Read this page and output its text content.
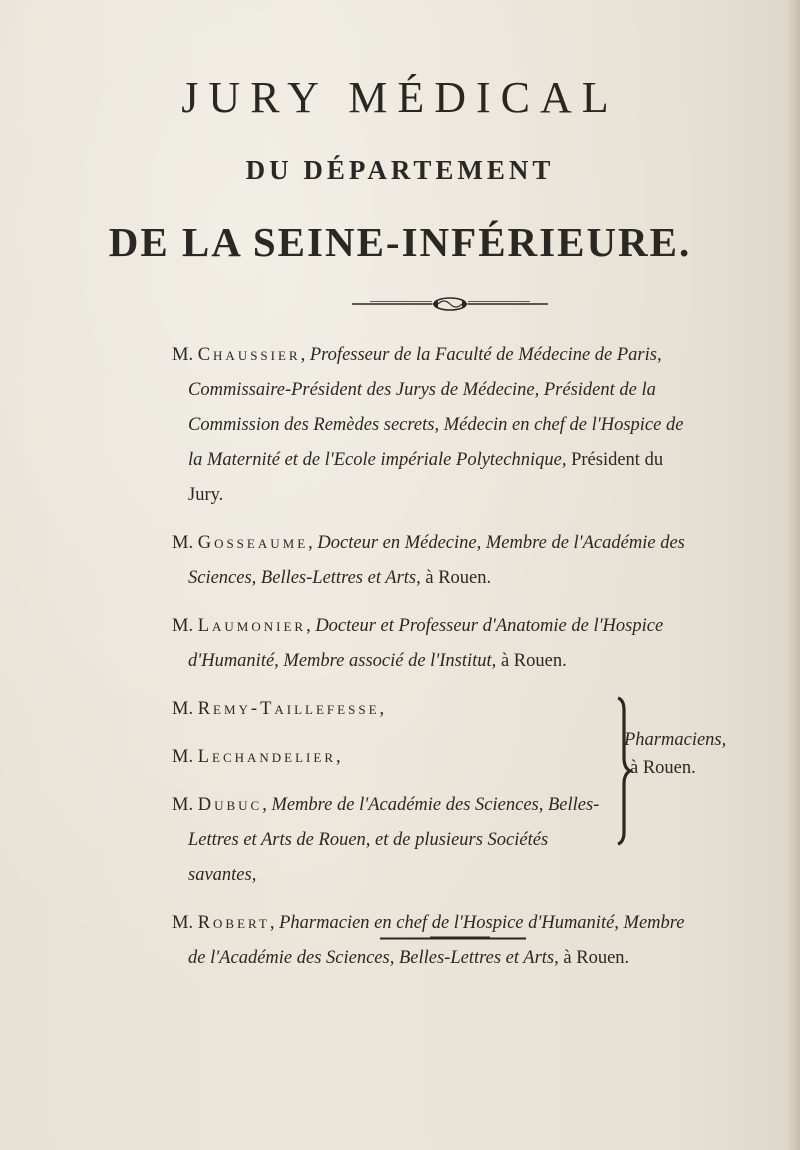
JURY MÉDICAL
DU DÉPARTEMENT
DE LA SEINE-INFÉRIEURE.

M. Chaussier, Professeur de la Faculté de Médecine de Paris,
Commissaire-Président des Jurys de Médecine, Président de la
Commission des Remèdes secrets, Médecin en chef de l'Hospice de
la Maternité et de l'Ecole impériale Polytechnique, Président du
Jury.

M. Gosseaume, Docteur en Médecine, Membre de l'Académie des
Sciences, Belles-Lettres et Arts, à Rouen.

M. Laumonier, Docteur et Professeur d'Anatomie de l'Hospice
d'Humanité, Membre associé de l'Institut, à Rouen.

M. Remy-Taillefesse,

M. Lechandelier,

M. Dubuc, Membre de l'Académie des Sciences, Belles-
Lettres et Arts de Rouen, et de plusieurs Sociétés
savantes,

Pharmaciens,
à Rouen.

M. Robert, Pharmacien en chef de l'Hospice d'Humanité, Membre
de l'Académie des Sciences, Belles-Lettres et Arts, à Rouen.
